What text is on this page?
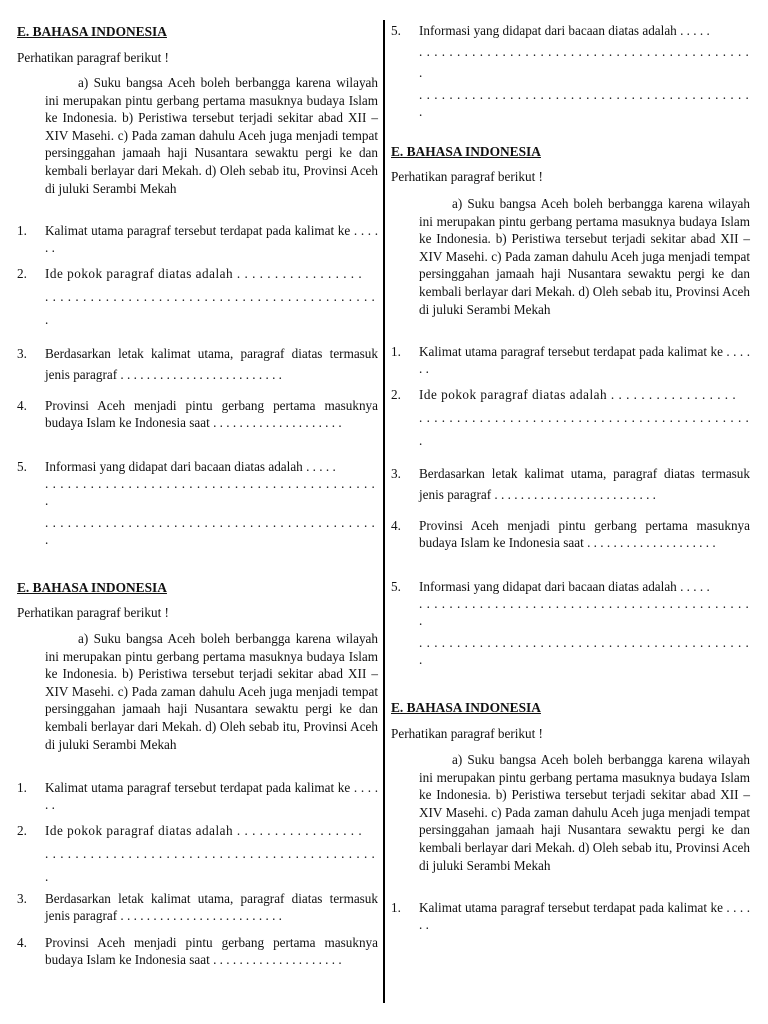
E. BAHASA INDONESIA
Perhatikan paragraf berikut !
a) Suku bangsa Aceh boleh berbangga karena wilayah ini merupakan pintu gerbang pertama masuknya budaya Islam ke Indonesia. b) Peristiwa tersebut terjadi sekitar abad XII – XIV Masehi. c) Pada zaman dahulu Aceh juga menjadi tempat persinggahan jamaah haji Nusantara sewaktu pergi ke dan kembali berlayar dari Mekah. d) Oleh sebab itu, Provinsi Aceh di juluki Serambi Mekah
1. Kalimat utama paragraf tersebut terdapat pada kalimat ke . . . . . .
2. Ide pokok paragraf diatas adalah . . . . . . . . . . . . . . . . .
. . . . . . . . . . . . . . . . . . . . . . . . . . . . . . . . . . . . . . . . . . . .
.
3. Berdasarkan letak kalimat utama, paragraf diatas termasuk jenis paragraf . . . . . . . . . . . . . . . . . . . . . . . . .
4. Provinsi Aceh menjadi pintu gerbang pertama masuknya budaya Islam ke Indonesia saat . . . . . . . . . . . . . . . . . . . .
5. Informasi yang didapat dari bacaan diatas adalah . . . . .
. . . . . . . . . . . . . . . . . . . . . . . . . . . . . . . . . . . . . . . . . . . .
.
. . . . . . . . . . . . . . . . . . . . . . . . . . . . . . . . . . . . . . . . . . . .
.
E. BAHASA INDONESIA
Perhatikan paragraf berikut !
a) Suku bangsa Aceh boleh berbangga karena wilayah ini merupakan pintu gerbang pertama masuknya budaya Islam ke Indonesia. b) Peristiwa tersebut terjadi sekitar abad XII – XIV Masehi. c) Pada zaman dahulu Aceh juga menjadi tempat persinggahan jamaah haji Nusantara sewaktu pergi ke dan kembali berlayar dari Mekah. d) Oleh sebab itu, Provinsi Aceh di juluki Serambi Mekah
1. Kalimat utama paragraf tersebut terdapat pada kalimat ke . . . . . .
2. Ide pokok paragraf diatas adalah . . . . . . . . . . . . . . . . .
. . . . . . . . . . . . . . . . . . . . . . . . . . . . . . . . . . . . . . . . . . . .
.
3. Berdasarkan letak kalimat utama, paragraf diatas termasuk jenis paragraf . . . . . . . . . . . . . . . . . . . . . . . . .
4. Provinsi Aceh menjadi pintu gerbang pertama masuknya budaya Islam ke Indonesia saat . . . . . . . . . . . . . . . . . . . .
5. Informasi yang didapat dari bacaan diatas adalah . . . . .
. . . . . . . . . . . . . . . . . . . . . . . . . . . . . . . . . . . . . . . . . . . .
.
. . . . . . . . . . . . . . . . . . . . . . . . . . . . . . . . . . . . . . . . . . . .
.
E. BAHASA INDONESIA
Perhatikan paragraf berikut !
a) Suku bangsa Aceh boleh berbangga karena wilayah ini merupakan pintu gerbang pertama masuknya budaya Islam ke Indonesia. b) Peristiwa tersebut terjadi sekitar abad XII – XIV Masehi. c) Pada zaman dahulu Aceh juga menjadi tempat persinggahan jamaah haji Nusantara sewaktu pergi ke dan kembali berlayar dari Mekah. d) Oleh sebab itu, Provinsi Aceh di juluki Serambi Mekah
1. Kalimat utama paragraf tersebut terdapat pada kalimat ke . . . . . .
2. Ide pokok paragraf diatas adalah . . . . . . . . . . . . . . . . .
. . . . . . . . . . . . . . . . . . . . . . . . . . . . . . . . . . . . . . . . . . . .
.
3. Berdasarkan letak kalimat utama, paragraf diatas termasuk jenis paragraf . . . . . . . . . . . . . . . . . . . . . . . . .
4. Provinsi Aceh menjadi pintu gerbang pertama masuknya budaya Islam ke Indonesia saat . . . . . . . . . . . . . . . . . . . .
5. Informasi yang didapat dari bacaan diatas adalah . . . . .
. . . . . . . . . . . . . . . . . . . . . . . . . . . . . . . . . . . . . . . . . . . .
.
. . . . . . . . . . . . . . . . . . . . . . . . . . . . . . . . . . . . . . . . . . . .
.
E. BAHASA INDONESIA
Perhatikan paragraf berikut !
a) Suku bangsa Aceh boleh berbangga karena wilayah ini merupakan pintu gerbang pertama masuknya budaya Islam ke Indonesia. b) Peristiwa tersebut terjadi sekitar abad XII – XIV Masehi. c) Pada zaman dahulu Aceh juga menjadi tempat persinggahan jamaah haji Nusantara sewaktu pergi ke dan kembali berlayar dari Mekah. d) Oleh sebab itu, Provinsi Aceh di juluki Serambi Mekah
1. Kalimat utama paragraf tersebut terdapat pada kalimat ke . . . . . .
